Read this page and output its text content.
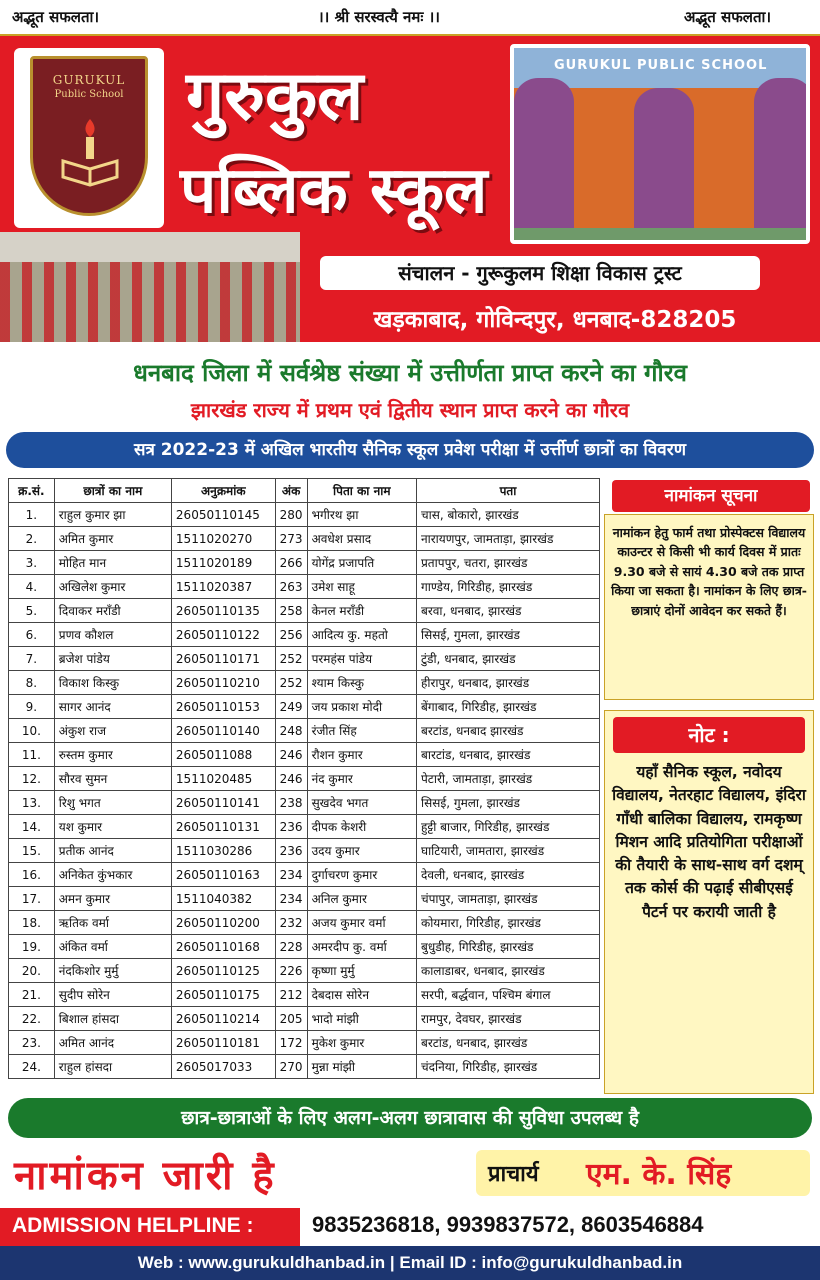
अद्भूत सफलता।	।। श्री सरस्वत्यै नमः ।।	अद्भूत सफलता।
GURUKUL
Public School गुरुकुल
पब्लिक स्कूल
GURUKUL PUBLIC SCHOOL
संचालन - गुरूकुलम शिक्षा विकास ट्रस्ट
खड़काबाद, गोविन्दपुर, धनबाद-828205
धनबाद जिला में सर्वश्रेष्ठ संख्या में उत्तीर्णता प्राप्त करने का गौरव
झारखंड राज्य में प्रथम एवं द्वितीय स्थान प्राप्त करने का गौरव
सत्र 2022-23 में अखिल भारतीय सैनिक स्कूल प्रवेश परीक्षा में उर्त्तीर्ण छात्रों का विवरण
क्र.सं.	छात्रों का नाम	अनुक्रमांक	अंक	पिता का नाम	पता
1.	राहुल कुमार झा	26050110145	280	भगीरथ झा	चास, बोकारो, झारखंड
2.	अमित कुमार	1511020270	273	अवधेश प्रसाद	नारायणपुर, जामताड़ा, झारखंड
3.	मोहित मान	1511020189	266	योगेंद्र प्रजापति	प्रतापपुर, चतरा, झारखंड
4.	अखिलेश कुमार	1511020387	263	उमेश साहू	गाण्डेय, गिरिडीह, झारखंड
5.	दिवाकर मराँडी	26050110135	258	केनल मराँडी	बरवा, धनबाद, झारखंड
6.	प्रणव कौशल	26050110122	256	आदित्य कु. महतो	सिसई, गुमला, झारखंड
7.	ब्रजेश पांडेय	26050110171	252	परमहंस पांडेय	टुंडी, धनबाद, झारखंड
8.	विकाश किस्कु	26050110210	252	श्याम किस्कु	हीरापुर, धनबाद, झारखंड
9.	सागर आनंद	26050110153	249	जय प्रकाश मोदी	बेंगाबाद, गिरिडीह, झारखंड
10.	अंकुश राज	26050110140	248	रंजीत सिंह	बरटांड, धनबाद झारखंड
11.	रुस्तम कुमार	2605011088	246	रौशन कुमार	बारटांड, धनबाद, झारखंड
12.	सौरव सुमन	1511020485	246	नंद कुमार	पेटारी, जामताड़ा, झारखंड
13.	रिशु भगत	26050110141	238	सुखदेव भगत	सिसई, गुमला, झारखंड
14.	यश कुमार	26050110131	236	दीपक केशरी	हुट्टी बाजार, गिरिडीह, झारखंड
15.	प्रतीक आनंद	1511030286	236	उदय कुमार	घाटियारी, जामतारा, झारखंड
16.	अनिकेत कुंभकार	26050110163	234	दुर्गाचरण कुमार	देवली, धनबाद, झारखंड
17.	अमन कुमार	1511040382	234	अनिल कुमार	चंपापुर, जामताड़ा, झारखंड
18.	ऋतिक वर्मा	26050110200	232	अजय कुमार वर्मा	कोयमारा, गिरिडीह, झारखंड
19.	अंकित वर्मा	26050110168	228	अमरदीप कु. वर्मा	बुधुडीह, गिरिडीह, झारखंड
20.	नंदकिशोर मुर्मु	26050110125	226	कृष्णा मुर्मु	कालाडाबर, धनबाद, झारखंड
21.	सुदीप सोरेन	26050110175	212	देबदास सोरेन	सरपी, बर्द्धवान, पश्चिम बंगाल
22.	बिशाल हांसदा	26050110214	205	भादो मांझी	रामपुर, देवघर, झारखंड
23.	अमित आनंद	26050110181	172	मुकेश कुमार	बरटांड, धनबाद, झारखंड
24.	राहुल हांसदा	2605017033	270	मुन्ना मांझी	चंदनिया, गिरिडीह, झारखंड
नामांकन सूचना
नामांकन हेतु फार्म तथा प्रोस्पेक्टस विद्यालय काउन्टर से किसी भी कार्य दिवस में प्रातः 9.30 बजे से सायं 4.30 बजे तक प्राप्त किया जा सकता है। नामांकन के लिए छात्र-छात्राएं दोनों आवेदन कर सकते हैं।
नोट :
यहाँ सैनिक स्कूल, नवोदय विद्यालय, नेतरहाट विद्यालय, इंदिरा गाँधी बालिका विद्यालय, रामकृष्ण मिशन आदि प्रतियोगिता परीक्षाओं की तैयारी के साथ-साथ वर्ग दशम् तक कोर्स की पढ़ाई सीबीएसई पैटर्न पर करायी जाती है
छात्र-छात्राओं के लिए अलग-अलग छात्रावास की सुविधा उपलब्ध है
नामांकन जारी है	प्राचार्य एम. के. सिंह
ADMISSION HELPLINE :	9835236818, 9939837572, 8603546884
Web : www.gurukuldhanbad.in | Email ID : info@gurukuldhanbad.in
